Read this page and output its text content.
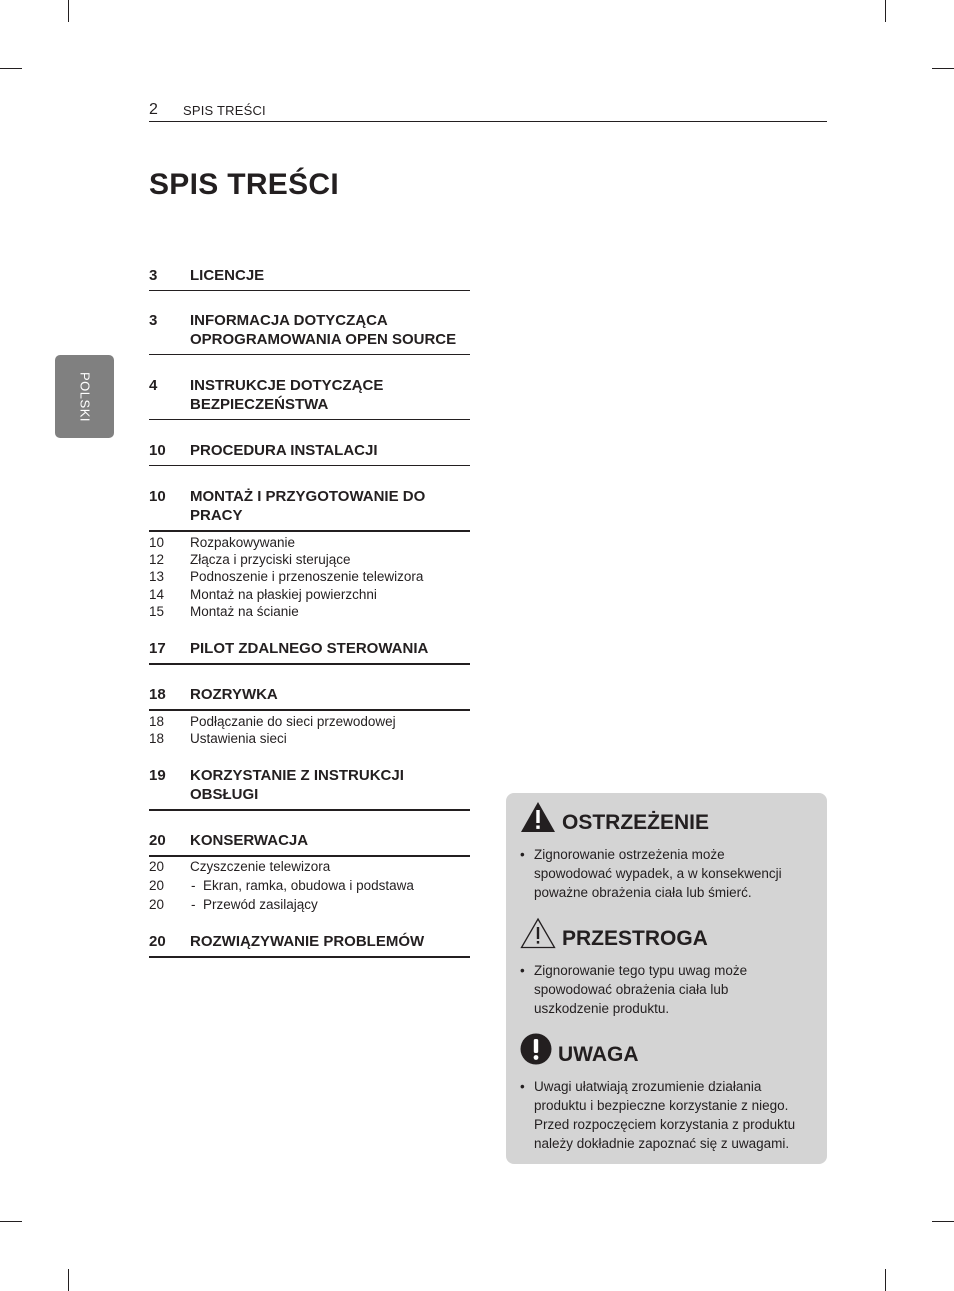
2 SPIS TREŚCI
POLSKI
SPIS TREŚCI
3 LICENCJE
3 INFORMACJA DOTYCZĄCA
OPROGRAMOWANIA OPEN SOURCE
4 INSTRUKCJE DOTYCZĄCE
BEZPIECZEŃSTWA
10 PROCEDURA INSTALACJI
10 MONTAŻ I PRZYGOTOWANIE DO
PRACY
10 Rozpakowywanie
12 Złącza i przyciski sterujące
13 Podnoszenie i przenoszenie telewizora
14 Montaż na płaskiej powierzchni
15 Montaż na ścianie
17 PILOT ZDALNEGO STEROWANIA
18 ROZRYWKA
18 Podłączanie do sieci przewodowej
18 Ustawienia sieci
19 KORZYSTANIE Z INSTRUKCJI
OBSŁUGI
20 KONSERWACJA
20 Czyszczenie telewizora
20 -  Ekran, ramka, obudowa i podstawa
20 -  Przewód zasilający
20 ROZWIĄZYWANIE PROBLEMÓW
OSTRZEŻENIE
• Zignorowanie ostrzeżenia może
spowodować wypadek, a w konsekwencji
poważne obrażenia ciała lub śmierć.
PRZESTROGA
• Zignorowanie tego typu uwag może
spowodować obrażenia ciała lub
uszkodzenie produktu.
UWAGA
• Uwagi ułatwiają zrozumienie działania
produktu i bezpieczne korzystanie z niego.
Przed rozpoczęciem korzystania z produktu
należy dokładnie zapoznać się z uwagami.
